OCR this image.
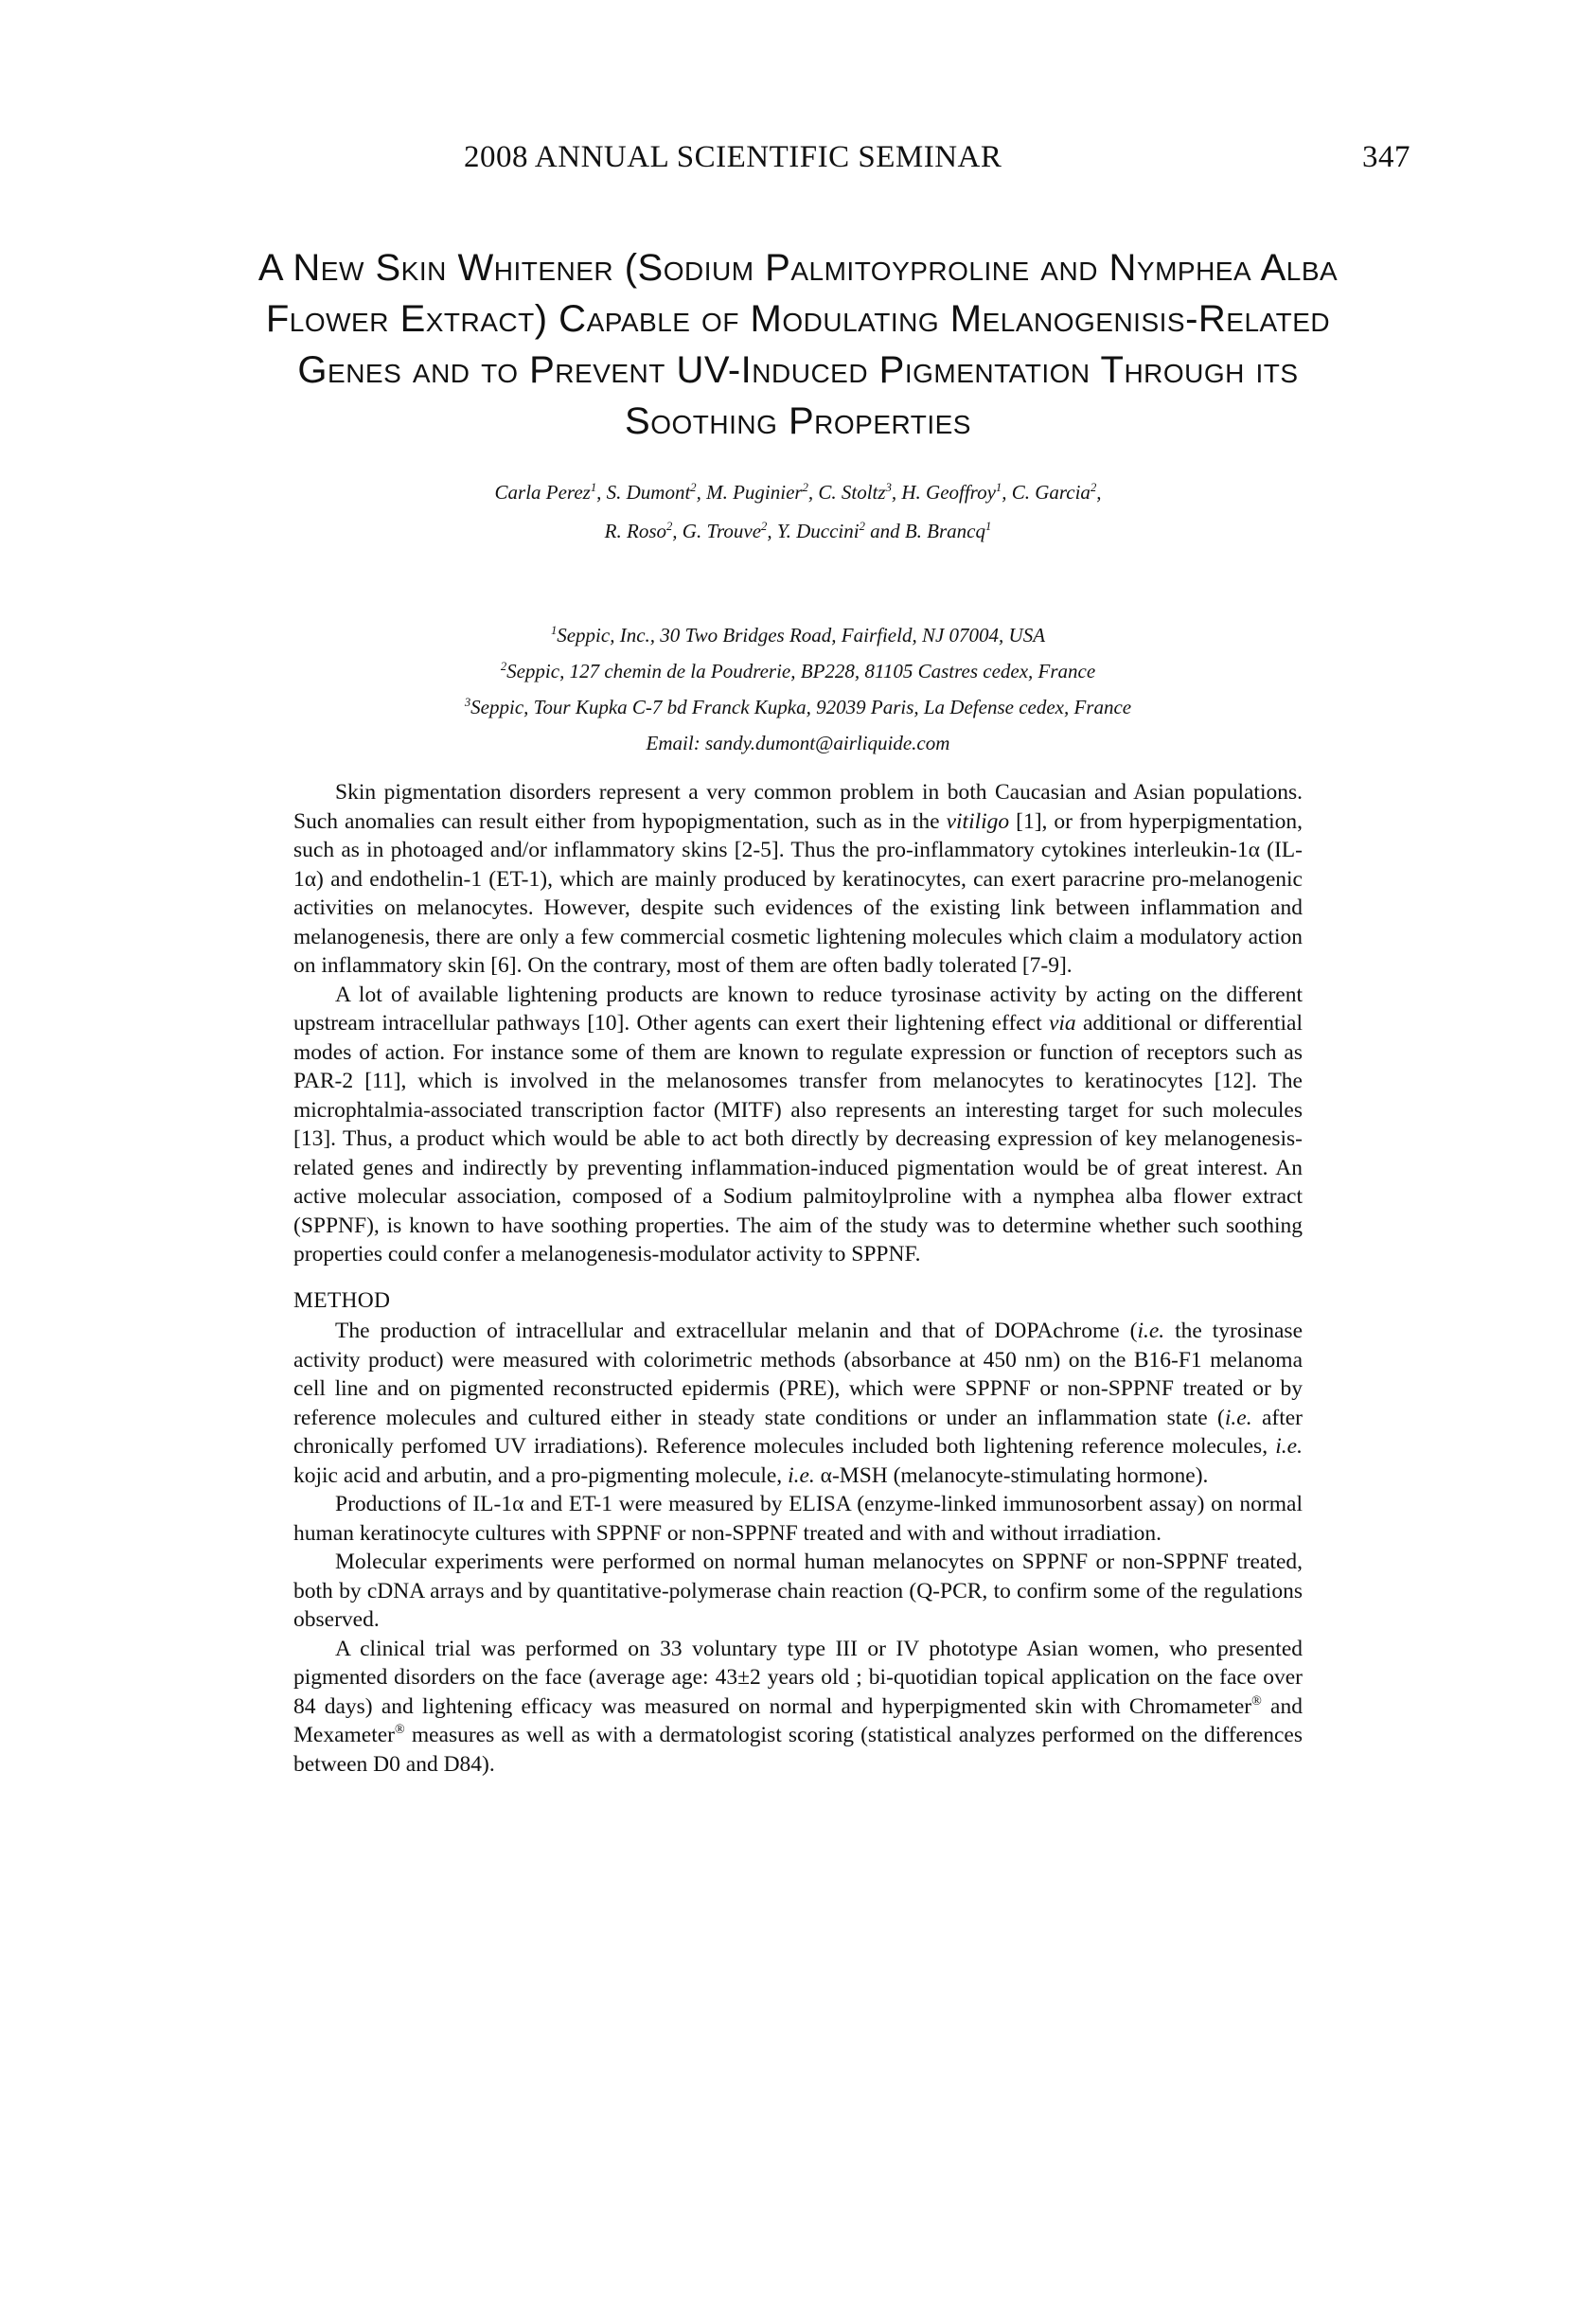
2008 ANNUAL SCIENTIFIC SEMINAR	347
A New Skin Whitener (Sodium Palmitoyproline and Nymphea Alba
Flower Extract) Capable of Modulating Melanogenisis-Related
Genes and to Prevent UV-Induced Pigmentation Through its
Soothing Properties
Carla Perez$^1$, S. Dumont$^2$, M. Puginier$^2$, C. Stoltz$^3$, H. Geoffroy$^1$, C. Garcia$^2$,
R. Roso$^2$, G. Trouve$^2$, Y. Duccini$^2$ and B. Brancq$^1$
$^1$Seppic, Inc., 30 Two Bridges Road, Fairfield, NJ 07004, USA
$^2$Seppic, 127 chemin de la Poudrerie, BP228, 81105 Castres cedex, France
$^3$Seppic, Tour Kupka C-7 bd Franck Kupka, 92039 Paris, La Defense cedex, France
Email: sandy.dumont@airliquide.com

Skin pigmentation disorders represent a very common problem in both Caucasian and Asian populations. Such anomalies can result either from hypopigmentation, such as in the vitiligo [1], or from hyperpigmentation, such as in photoaged and/or inflammatory skins [2-5]. Thus the pro-inflammatory cytokines interleukin-1α (IL-1α) and endothelin-1 (ET-1), which are mainly produced by keratinocytes, can exert paracrine pro-melanogenic activities on melanocytes. However, despite such evidences of the existing link between inflammation and melanogenesis, there are only a few commercial cosmetic lightening molecules which claim a modulatory action on inflammatory skin [6]. On the contrary, most of them are often badly tolerated [7-9].

A lot of available lightening products are known to reduce tyrosinase activity by acting on the different upstream intracellular pathways [10]. Other agents can exert their lightening effect via additional or differential modes of action. For instance some of them are known to regulate expression or function of receptors such as PAR-2 [11], which is involved in the melanosomes transfer from melanocytes to keratinocytes [12]. The microphtalmia-associated transcription factor (MITF) also represents an interesting target for such molecules [13]. Thus, a product which would be able to act both directly by decreasing expression of key melanogenesis-related genes and indirectly by preventing inflammation-induced pigmentation would be of great interest. An active molecular association, composed of a Sodium palmitoylproline with a nymphea alba flower extract (SPPNF), is known to have soothing properties. The aim of the study was to determine whether such soothing properties could confer a melanogenesis-modulator activity to SPPNF.

METHOD

The production of intracellular and extracellular melanin and that of DOPAchrome (i.e. the tyrosinase activity product) were measured with colorimetric methods (absorbance at 450 nm) on the B16-F1 melanoma cell line and on pigmented reconstructed epidermis (PRE), which were SPPNF or non-SPPNF treated or by reference molecules and cultured either in steady state conditions or under an inflammation state (i.e. after chronically perfomed UV irradiations). Reference molecules included both lightening reference molecules, i.e. kojic acid and arbutin, and a pro-pigmenting molecule, i.e. α-MSH (melanocyte-stimulating hormone).

Productions of IL-1α and ET-1 were measured by ELISA (enzyme-linked immunosorbent assay) on normal human keratinocyte cultures with SPPNF or non-SPPNF treated and with and without irradiation.

Molecular experiments were performed on normal human melanocytes on SPPNF or non-SPPNF treated, both by cDNA arrays and by quantitative-polymerase chain reaction (Q-PCR, to confirm some of the regulations observed.

A clinical trial was performed on 33 voluntary type III or IV phototype Asian women, who presented pigmented disorders on the face (average age: 43±2 years old ; bi-quotidian topical application on the face over 84 days) and lightening efficacy was measured on normal and hyperpigmented skin with Chromameter® and Mexameter® measures as well as with a dermatologist scoring (statistical analyzes performed on the differences between D0 and D84).
